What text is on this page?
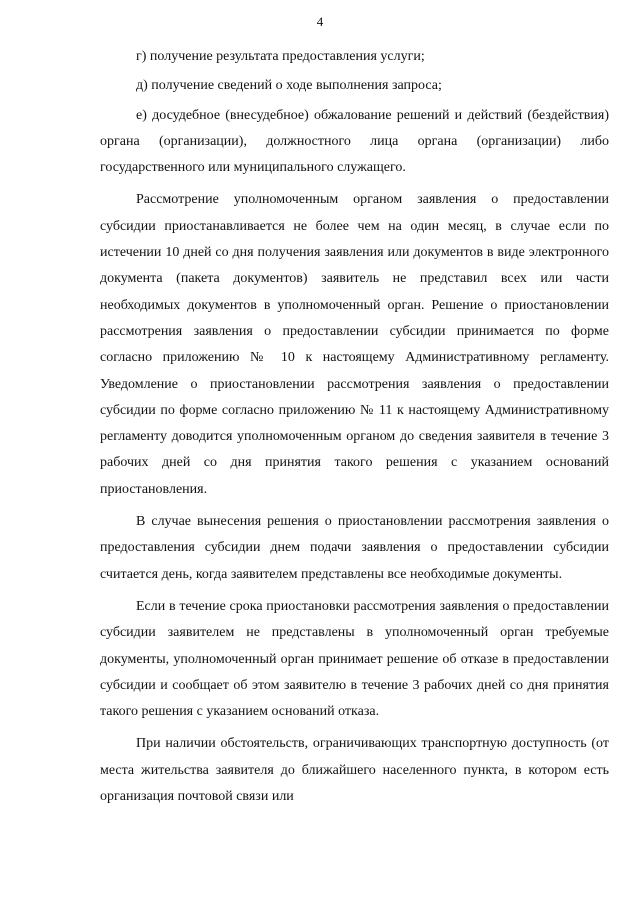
4

г) получение результата предоставления услуги;

д) получение сведений о ходе выполнения запроса;

е) досудебное (внесудебное) обжалование решений и действий (бездействия) органа (организации), должностного лица органа (организации) либо государственного или муниципального служащего.

Рассмотрение уполномоченным органом заявления о предоставлении субсидии приостанавливается не более чем на один месяц, в случае если по истечении 10 дней со дня получения заявления или документов в виде электронного документа (пакета документов) заявитель не представил всех или части необходимых документов в уполномоченный орган. Решение о приостановлении рассмотрения заявления о предоставлении субсидии принимается по форме согласно приложению № 10 к настоящему Административному регламенту. Уведомление о приостановлении рассмотрения заявления о предоставлении субсидии по форме согласно приложению № 11 к настоящему Административному регламенту доводится уполномоченным органом до сведения заявителя в течение 3 рабочих дней со дня принятия такого решения с указанием оснований приостановления.

В случае вынесения решения о приостановлении рассмотрения заявления о предоставления субсидии днем подачи заявления о предоставлении субсидии считается день, когда заявителем представлены все необходимые документы.

Если в течение срока приостановки рассмотрения заявления о предоставлении субсидии заявителем не представлены в уполномоченный орган требуемые документы, уполномоченный орган принимает решение об отказе в предоставлении субсидии и сообщает об этом заявителю в течение 3 рабочих дней со дня принятия такого решения с указанием оснований отказа.

При наличии обстоятельств, ограничивающих транспортную доступность (от места жительства заявителя до ближайшего населенного пункта, в котором есть организация почтовой связи или
